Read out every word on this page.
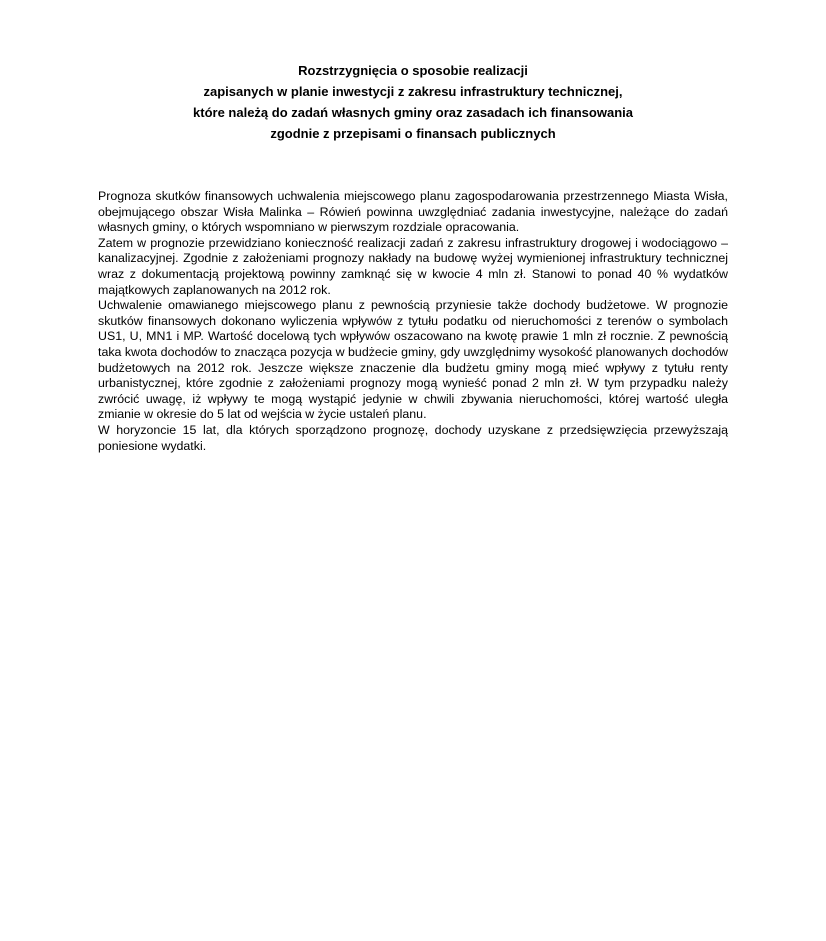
Rozstrzygnięcia o sposobie realizacji
zapisanych w planie inwestycji z zakresu infrastruktury technicznej,
które należą do zadań własnych gminy oraz zasadach ich finansowania
zgodnie z przepisami o finansach publicznych

Prognoza skutków finansowych uchwalenia miejscowego planu zagospodarowania przestrzennego Miasta Wisła, obejmującego obszar Wisła Malinka – Rówień powinna uwzględniać zadania inwestycyjne, należące do zadań własnych gminy, o których wspomniano w pierwszym rozdziale opracowania.

Zatem w prognozie przewidziano konieczność realizacji zadań z zakresu infrastruktury drogowej i wodociągowo – kanalizacyjnej. Zgodnie z założeniami prognozy nakłady na budowę wyżej wymienionej infrastruktury technicznej wraz z dokumentacją projektową powinny zamknąć się w kwocie 4 mln zł. Stanowi to ponad 40 % wydatków majątkowych zaplanowanych na 2012 rok.

Uchwalenie omawianego miejscowego planu z pewnością przyniesie także dochody budżetowe. W prognozie skutków finansowych dokonano wyliczenia wpływów z tytułu podatku od nieruchomości z terenów o symbolach US1, U, MN1 i MP. Wartość docelową tych wpływów oszacowano na kwotę prawie 1 mln zł rocznie. Z pewnością taka kwota dochodów to znacząca pozycja w budżecie gminy, gdy uwzględnimy wysokość planowanych dochodów budżetowych na 2012 rok. Jeszcze większe znaczenie dla budżetu gminy mogą mieć wpływy z tytułu renty urbanistycznej, które zgodnie z założeniami prognozy mogą wynieść ponad 2 mln zł. W tym przypadku należy zwrócić uwagę, iż wpływy te mogą wystąpić jedynie w chwili zbywania nieruchomości, której wartość uległa zmianie w okresie do 5 lat od wejścia w życie ustaleń planu.

W horyzoncie 15 lat, dla których sporządzono prognozę, dochody uzyskane z przedsięwzięcia przewyższają poniesione wydatki.
